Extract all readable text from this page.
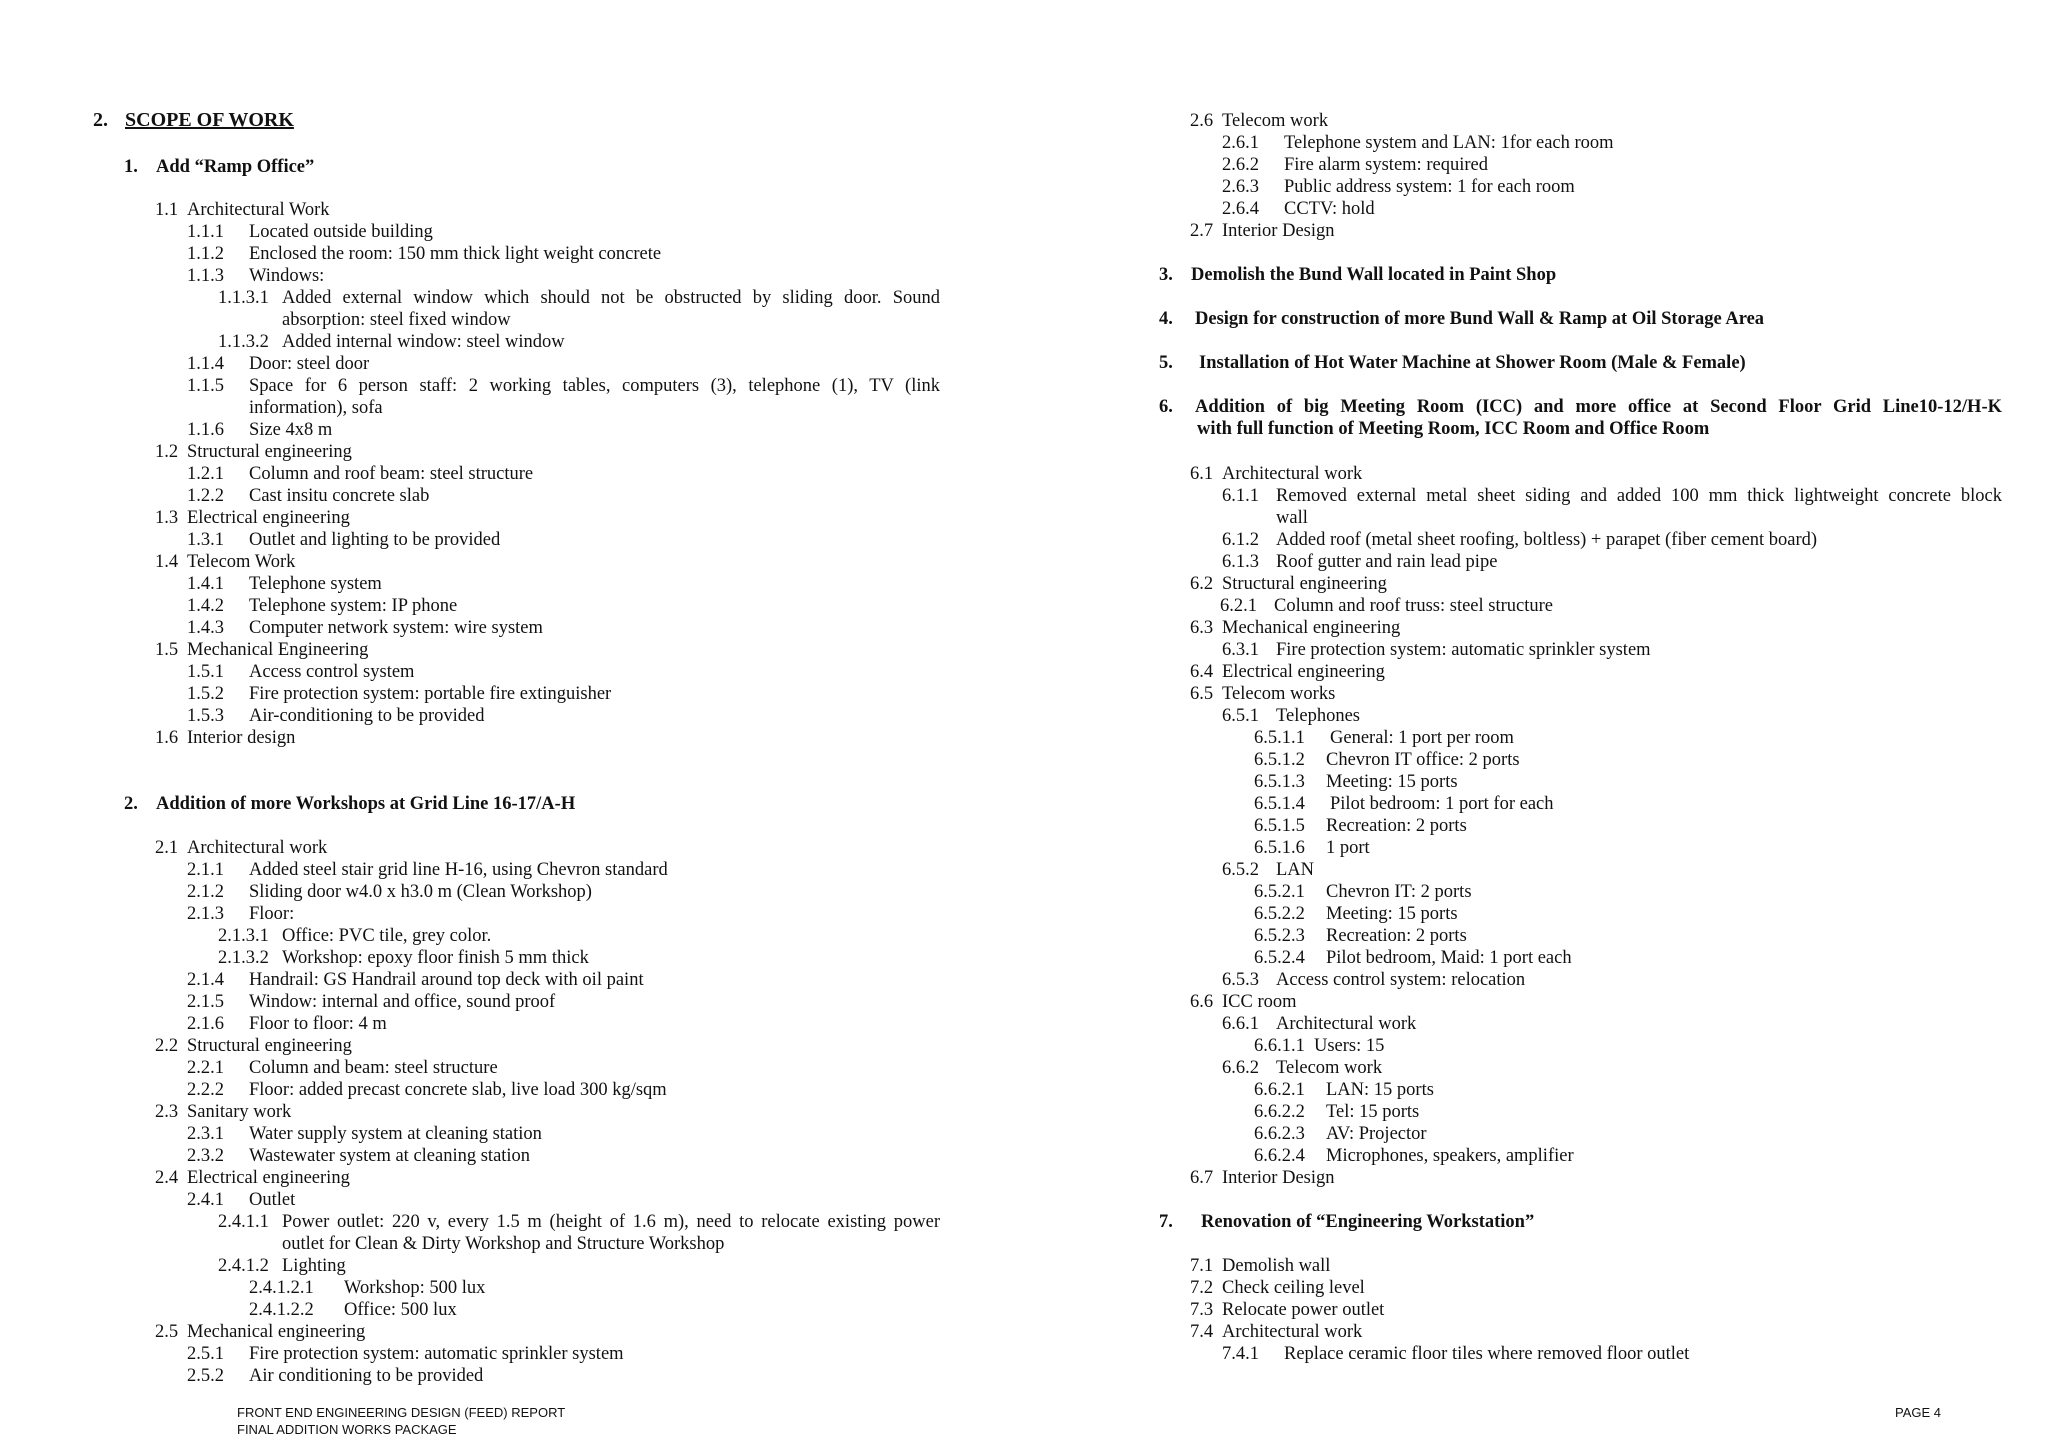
2. SCOPE OF WORK
1. Add “Ramp Office”
1.1 Architectural Work
1.1.1	Located outside building
1.1.2	Enclosed the room: 150 mm thick light weight concrete
1.1.3	Windows:
1.1.3.1 Added external window which should not be obstructed by sliding door. Sound
absorption: steel fixed window
1.1.3.2 Added internal window: steel window
1.1.4	Door: steel door
1.1.5	Space for 6 person staff: 2 working tables, computers (3), telephone (1), TV (link
information), sofa
1.1.6	Size 4x8 m
1.2 Structural engineering
1.2.1	Column and roof beam: steel structure
1.2.2	Cast insitu concrete slab
1.3 Electrical engineering
1.3.1	Outlet and lighting to be provided
1.4 Telecom Work
1.4.1	Telephone system
1.4.2	Telephone system: IP phone
1.4.3	Computer network system: wire system
1.5 Mechanical Engineering
1.5.1	Access control system
1.5.2	Fire protection system: portable fire extinguisher
1.5.3	Air-conditioning to be provided
1.6 Interior design
2. Addition of more Workshops at Grid Line 16-17/A-H
2.1 Architectural work
2.1.1	Added steel stair grid line H-16, using Chevron standard
2.1.2	Sliding door w4.0 x h3.0 m (Clean Workshop)
2.1.3	Floor:
2.1.3.1 Office: PVC tile, grey color.
2.1.3.2 Workshop: epoxy floor finish 5 mm thick
2.1.4	Handrail: GS Handrail around top deck with oil paint
2.1.5	Window: internal and office, sound proof
2.1.6	Floor to floor: 4 m
2.2 Structural engineering
2.2.1	Column and beam: steel structure
2.2.2	Floor: added precast concrete slab, live load 300 kg/sqm
2.3 Sanitary work
2.3.1	Water supply system at cleaning station
2.3.2	Wastewater system at cleaning station
2.4 Electrical engineering
2.4.1	Outlet
2.4.1.1 Power outlet: 220 v, every 1.5 m (height of 1.6 m), need to relocate existing power
outlet for Clean & Dirty Workshop and Structure Workshop
2.4.1.2 Lighting
2.4.1.2.1	Workshop: 500 lux
2.4.1.2.2	Office: 500 lux
2.5 Mechanical engineering
2.5.1	Fire protection system: automatic sprinkler system
2.5.2	Air conditioning to be provided
FRONT END ENGINEERING DESIGN (FEED) REPORT
FINAL ADDITION WORKS PACKAGE
2.6 Telecom work
2.6.1	Telephone system and LAN: 1for each room
2.6.2	Fire alarm system: required
2.6.3	Public address system: 1 for each room
2.6.4	CCTV: hold
2.7 Interior Design
3. Demolish the Bund Wall located in Paint Shop
4.	Design for construction of more Bund Wall & Ramp at Oil Storage Area
5.	Installation of Hot Water Machine at Shower Room (Male & Female)
6.	Addition of big Meeting Room (ICC) and more office at Second Floor Grid Line10-12/H-K
with full function of Meeting Room, ICC Room and Office Room
6.1 Architectural work
6.1.1 Removed external metal sheet siding and added 100 mm thick lightweight concrete block
wall
6.1.2 Added roof (metal sheet roofing, boltless) + parapet (fiber cement board)
6.1.3 Roof gutter and rain lead pipe
6.2 Structural engineering
6.2.1 Column and roof truss: steel structure
6.3 Mechanical engineering
6.3.1 Fire protection system: automatic sprinkler system
6.4 Electrical engineering
6.5 Telecom works
6.5.1 Telephones
6.5.1.1	General: 1 port per room
6.5.1.2	Chevron IT office: 2 ports
6.5.1.3	Meeting: 15 ports
6.5.1.4	Pilot bedroom: 1 port for each
6.5.1.5	Recreation: 2 ports
6.5.1.6	1 port
6.5.2 LAN
6.5.2.1	Chevron IT: 2 ports
6.5.2.2	Meeting: 15 ports
6.5.2.3	Recreation: 2 ports
6.5.2.4	Pilot bedroom, Maid: 1 port each
6.5.3 Access control system: relocation
6.6 ICC room
6.6.1 Architectural work
6.6.1.1 Users: 15
6.6.2 Telecom work
6.6.2.1	LAN: 15 ports
6.6.2.2	Tel: 15 ports
6.6.2.3	AV: Projector
6.6.2.4	Microphones, speakers, amplifier
6.7 Interior Design
7.	Renovation of “Engineering Workstation”
7.1 Demolish wall
7.2 Check ceiling level
7.3 Relocate power outlet
7.4 Architectural work
7.4.1	Replace ceramic floor tiles where removed floor outlet
PAGE 4
